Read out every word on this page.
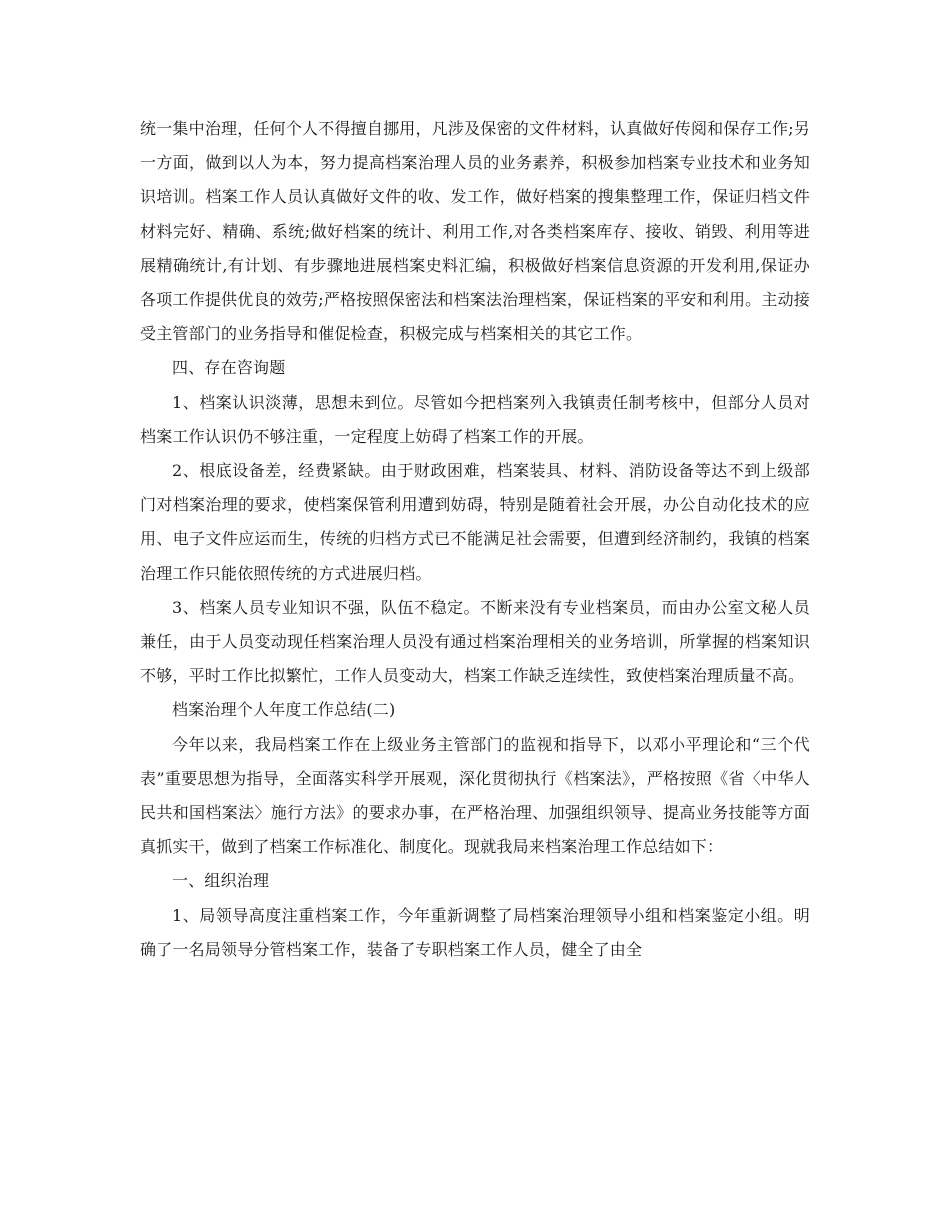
统一集中治理，任何个人不得擅自挪用，凡涉及保密的文件材料，认真做好传阅和保存工作;另一方面，做到以人为本，努力提高档案治理人员的业务素养，积极参加档案专业技术和业务知识培训。档案工作人员认真做好文件的收、发工作，做好档案的搜集整理工作，保证归档文件材料完好、精确、系统;做好档案的统计、利用工作,对各类档案库存、接收、销毁、利用等进展精确统计,有计划、有步骤地进展档案史料汇编，积极做好档案信息资源的开发利用,保证办各项工作提供优良的效劳;严格按照保密法和档案法治理档案，保证档案的平安和利用。主动接受主管部门的业务指导和催促检查，积极完成与档案相关的其它工作。

四、存在咨询题

1、档案认识淡薄，思想未到位。尽管如今把档案列入我镇责任制考核中，但部分人员对档案工作认识仍不够注重，一定程度上妨碍了档案工作的开展。

2、根底设备差，经费紧缺。由于财政困难，档案装具、材料、消防设备等达不到上级部门对档案治理的要求，使档案保管利用遭到妨碍，特别是随着社会开展，办公自动化技术的应用、电子文件应运而生，传统的归档方式已不能满足社会需要，但遭到经济制约，我镇的档案治理工作只能依照传统的方式进展归档。

3、档案人员专业知识不强，队伍不稳定。不断来没有专业档案员，而由办公室文秘人员兼任，由于人员变动现任档案治理人员没有通过档案治理相关的业务培训，所掌握的档案知识不够，平时工作比拟繁忙，工作人员变动大，档案工作缺乏连续性，致使档案治理质量不高。

档案治理个人年度工作总结(二)

今年以来，我局档案工作在上级业务主管部门的监视和指导下，以邓小平理论和“三个代表”重要思想为指导，全面落实科学开展观，深化贯彻执行《档案法》，严格按照《省〈中华人民共和国档案法〉施行方法》的要求办事，在严格治理、加强组织领导、提高业务技能等方面真抓实干，做到了档案工作标准化、制度化。现就我局来档案治理工作总结如下：

一、组织治理

1、局领导高度注重档案工作，今年重新调整了局档案治理领导小组和档案鉴定小组。明确了一名局领导分管档案工作，装备了专职档案工作人员，健全了由全
